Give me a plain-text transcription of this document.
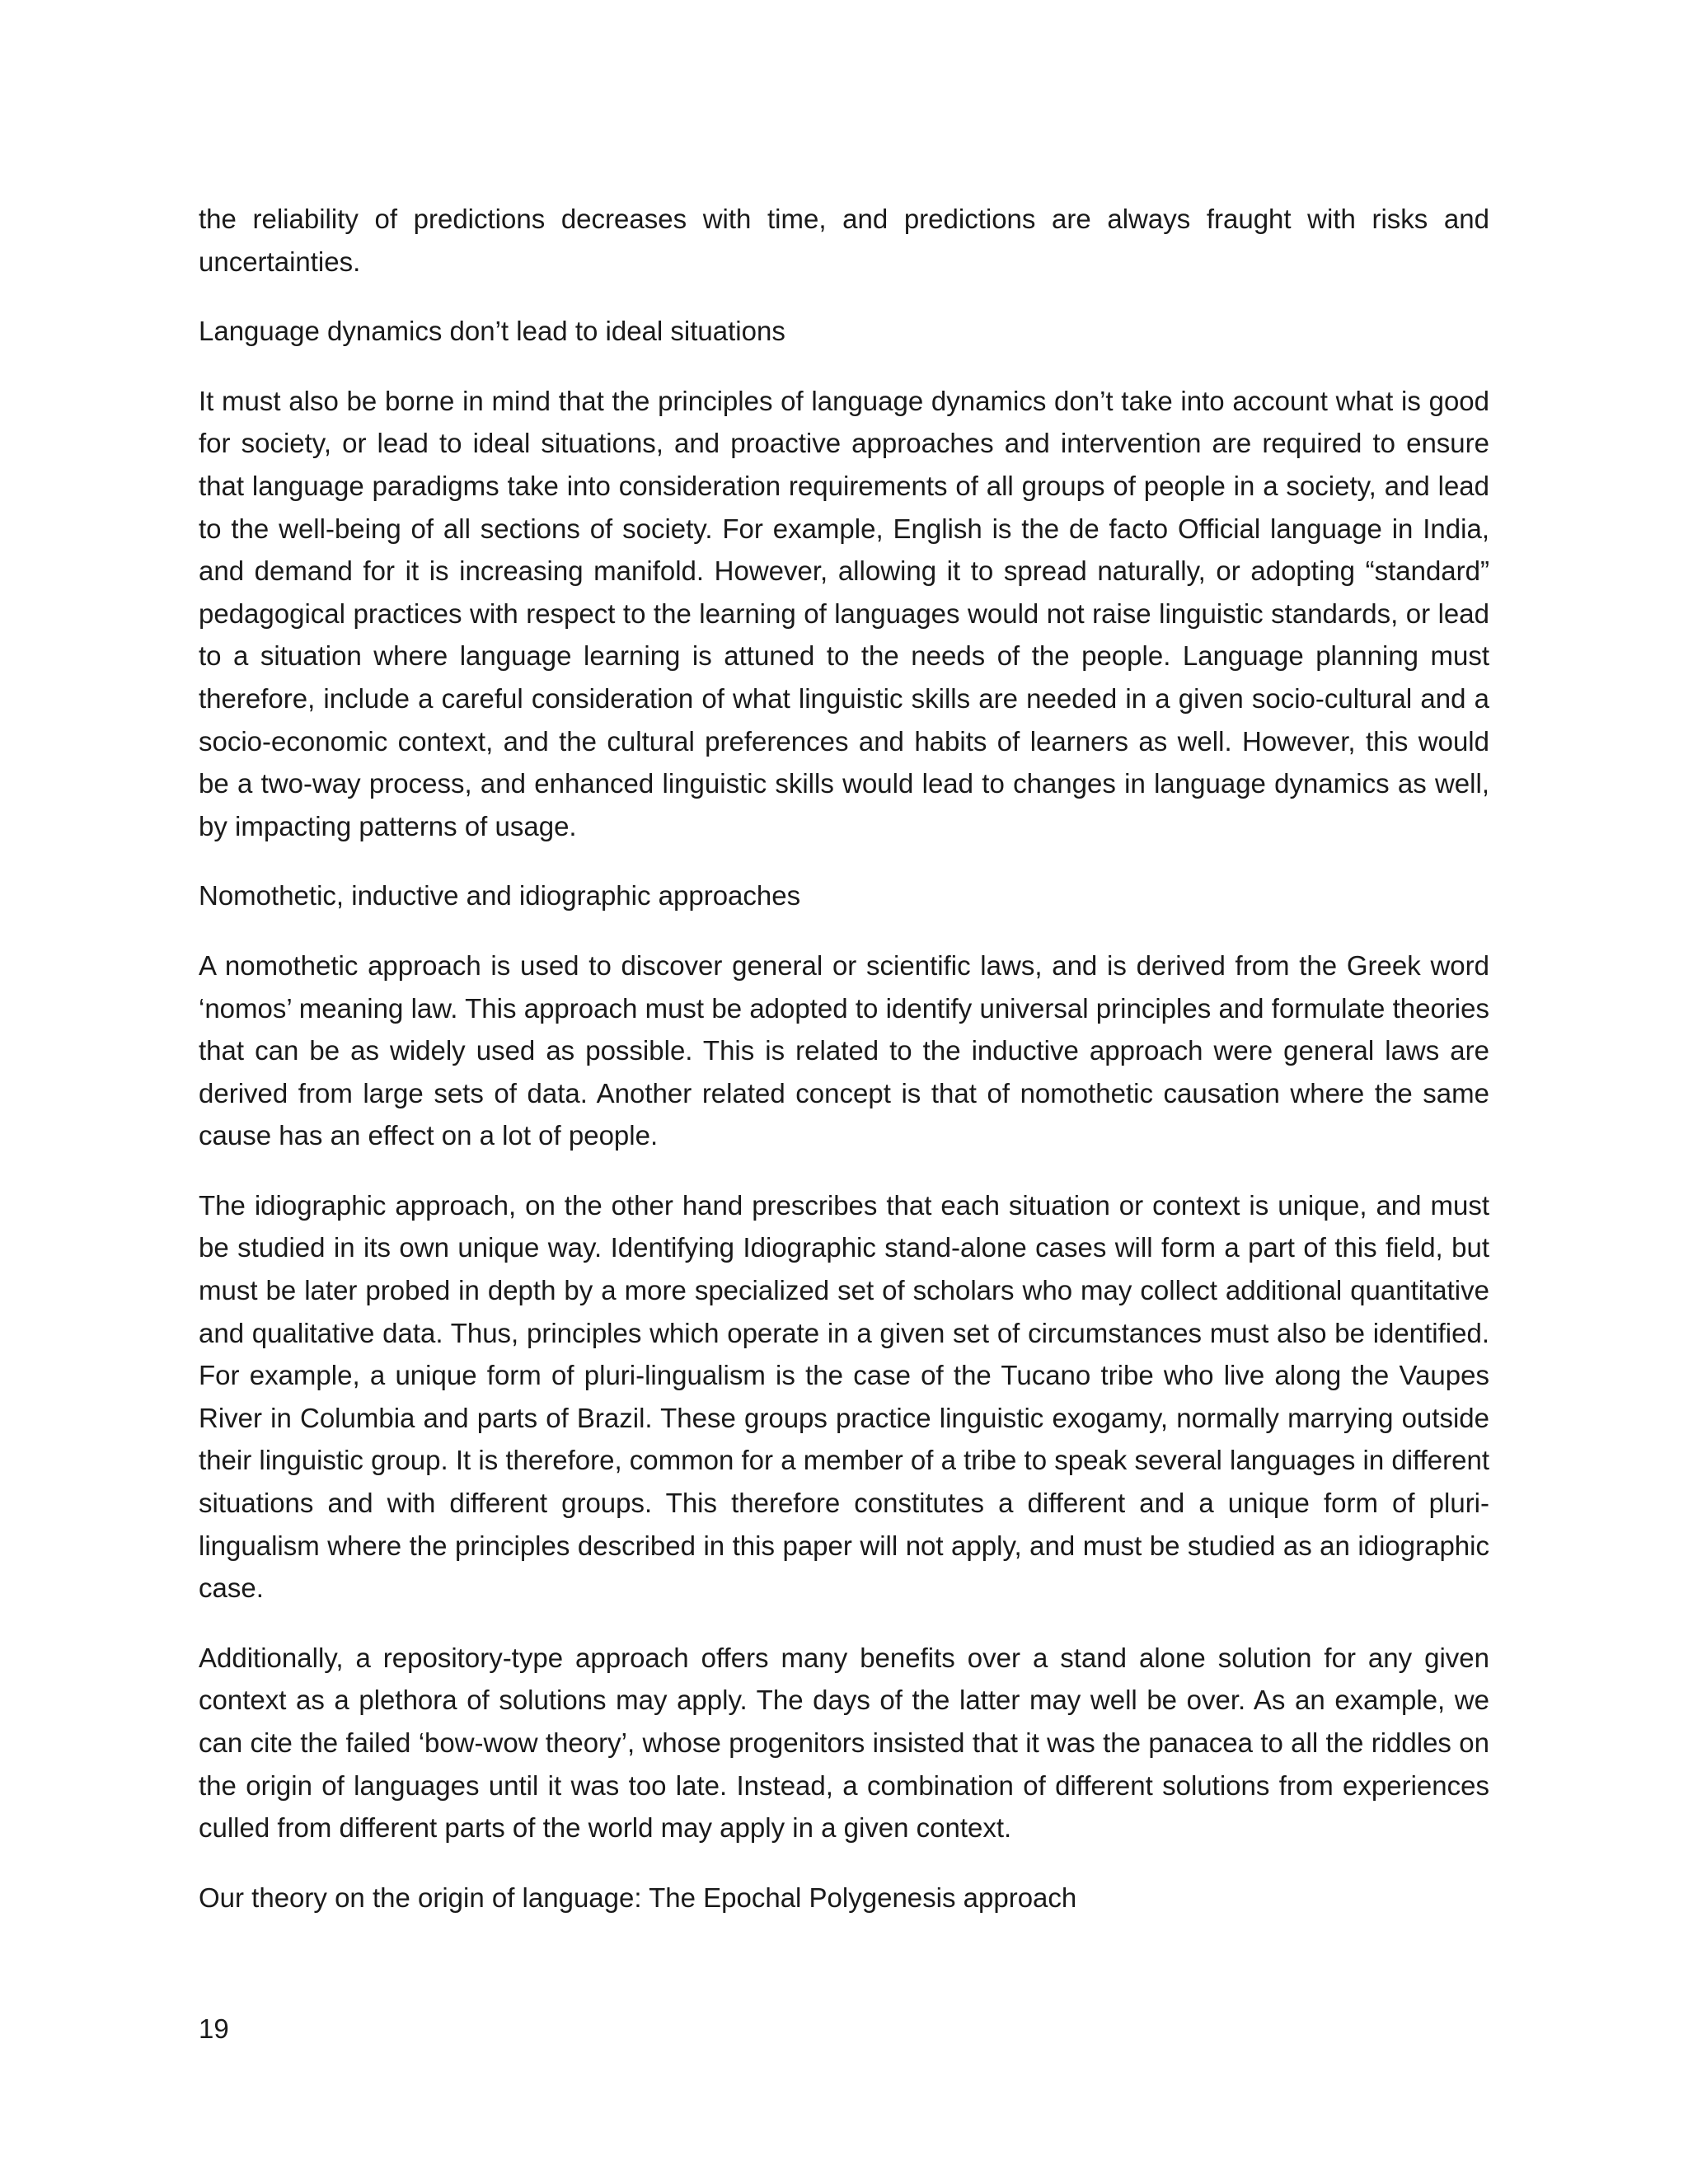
the reliability of predictions decreases with time, and predictions are always fraught with risks and uncertainties.

Language dynamics don’t lead to ideal situations

It must also be borne in mind that the principles of language dynamics don’t take into account what is good for society, or lead to ideal situations, and proactive approaches and intervention are required to ensure that language paradigms take into consideration requirements of all groups of people in a society, and lead to the well-being of all sections of society. For example, English is the de facto Official language in India, and demand for it is increasing manifold. However, allowing it to spread naturally, or adopting “standard” pedagogical practices with respect to the learning of languages would not raise linguistic standards, or lead to a situation where language learning is attuned to the needs of the people. Language planning must therefore, include a careful consideration of what linguistic skills are needed in a given socio-cultural and a socio-economic context, and the cultural preferences and habits of learners as well. However, this would be a two-way process, and enhanced linguistic skills would lead to changes in language dynamics as well, by impacting patterns of usage.

Nomothetic, inductive and idiographic approaches

A nomothetic approach is used to discover general or scientific laws, and is derived from the Greek word ‘nomos’ meaning law. This approach must be adopted to identify universal principles and formulate theories that can be as widely used as possible. This is related to the inductive approach were general laws are derived from large sets of data. Another related concept is that of nomothetic causation where the same cause has an effect on a lot of people.

The idiographic approach, on the other hand prescribes that each situation or context is unique, and must be studied in its own unique way. Identifying Idiographic stand-alone cases will form a part of this field, but must be later probed in depth by a more specialized set of scholars who may collect additional quantitative and qualitative data. Thus, principles which operate in a given set of circumstances must also be identified. For example, a unique form of pluri-lingualism is the case of the Tucano tribe who live along the Vaupes River in Columbia and parts of Brazil. These groups practice linguistic exogamy, normally marrying outside their linguistic group. It is therefore, common for a member of a tribe to speak several languages in different situations and with different groups. This therefore constitutes a different and a unique form of pluri-lingualism where the principles described in this paper will not apply, and must be studied as an idiographic case.

Additionally, a repository-type approach offers many benefits over a stand alone solution for any given context as a plethora of solutions may apply. The days of the latter may well be over. As an example, we can cite the failed ‘bow-wow theory’, whose progenitors insisted that it was the panacea to all the riddles on the origin of languages until it was too late. Instead, a combination of different solutions from experiences culled from different parts of the world may apply in a given context.

Our theory on the origin of language: The Epochal Polygenesis approach

19
